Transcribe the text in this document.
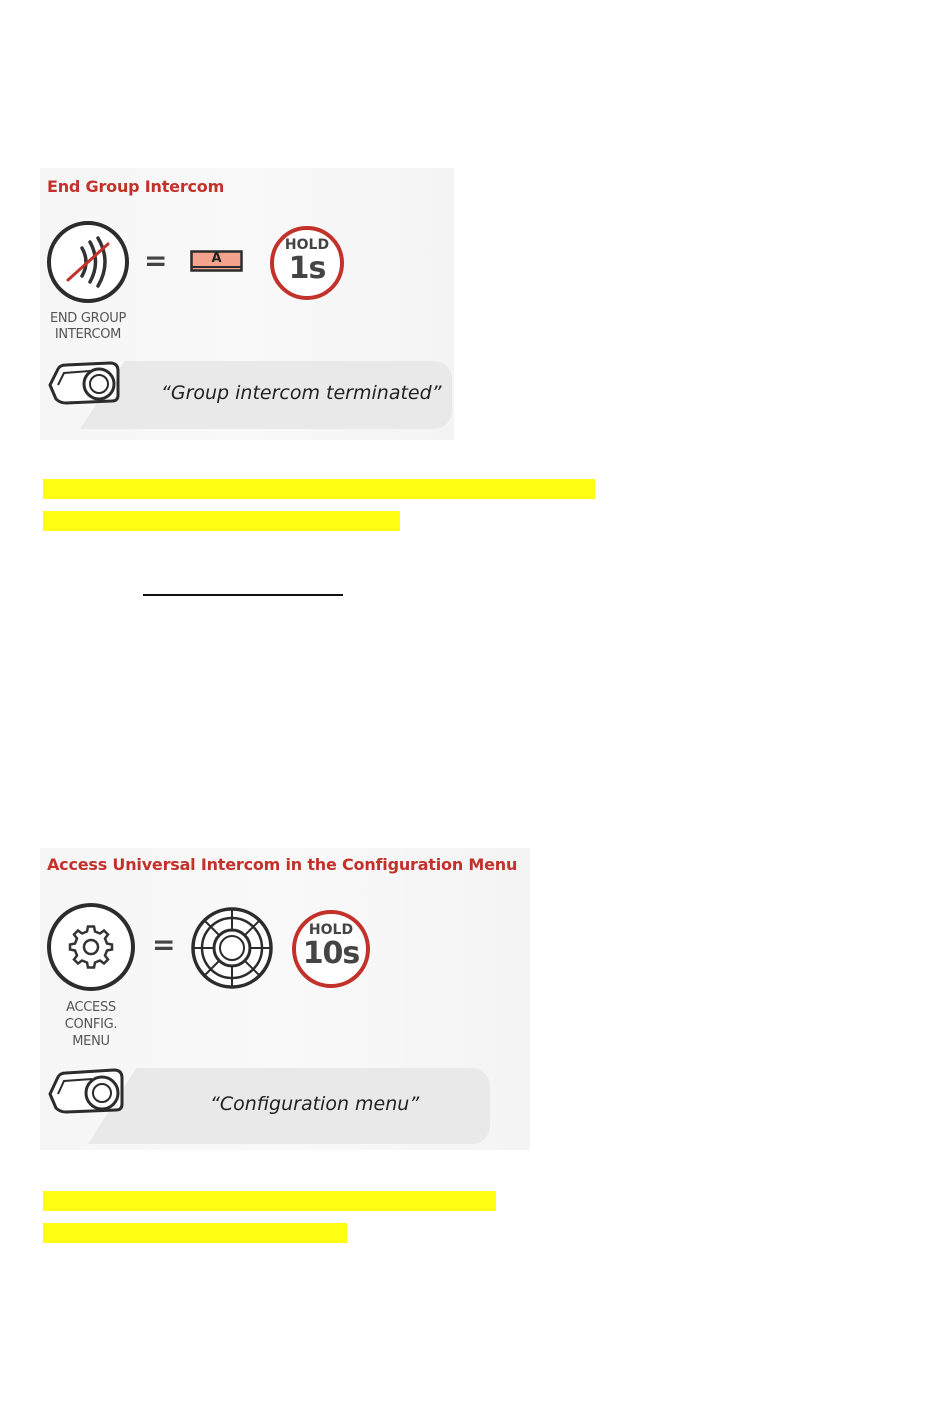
End Group Intercom
END GROUP
INTERCOM
=	A
HOLD
1s
“Group intercom terminated”
Access Universal Intercom in the Configuration Menu
ACCESS
CONFIG.
MENU
=	HOLD
10s
“Configuration menu”
